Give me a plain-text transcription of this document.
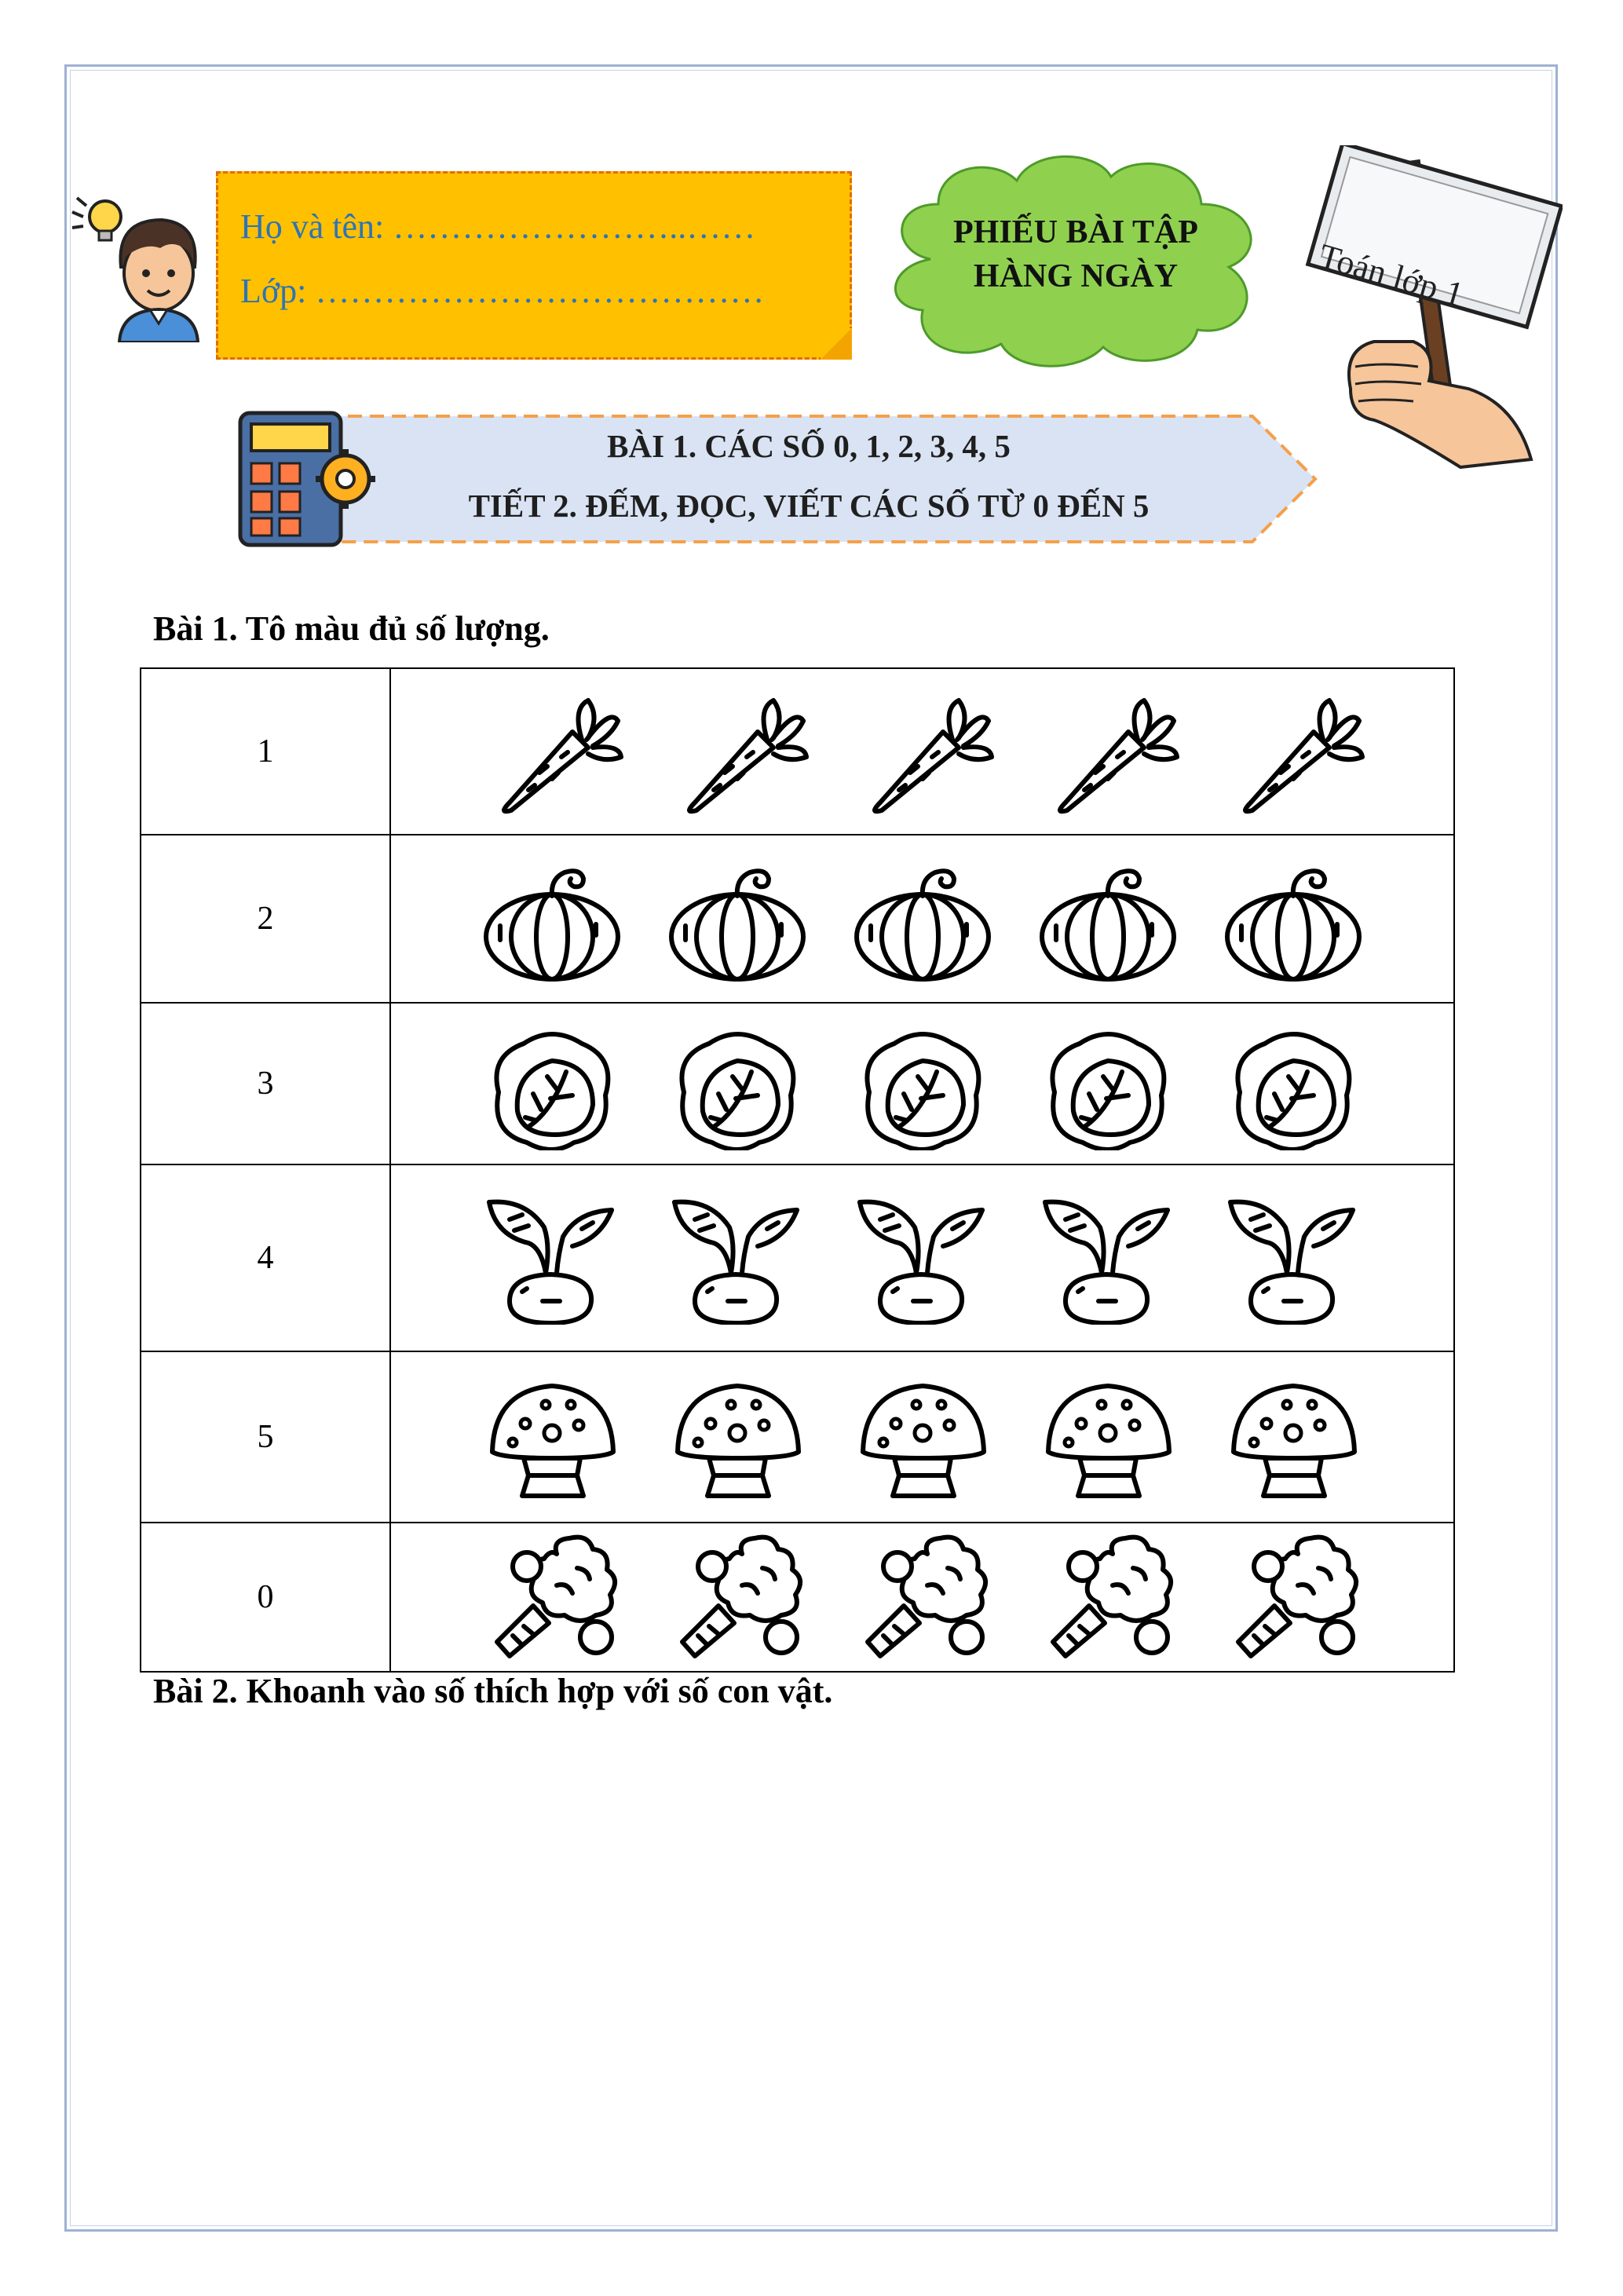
Họ và tên: ……………………..……
Lớp: …………………………………
PHIẾU BÀI TẬP
HÀNG NGÀY	Toán lớp 1
BÀI 1. CÁC SỐ 0, 1, 2, 3, 4, 5
TIẾT 2. ĐẾM, ĐỌC, VIẾT CÁC SỐ TỪ 0 ĐẾN 5
Bài 1. Tô màu đủ số lượng.
1	

2	

3	

4	

5	

0	
Bài 2. Khoanh vào số thích hợp với số con vật.
